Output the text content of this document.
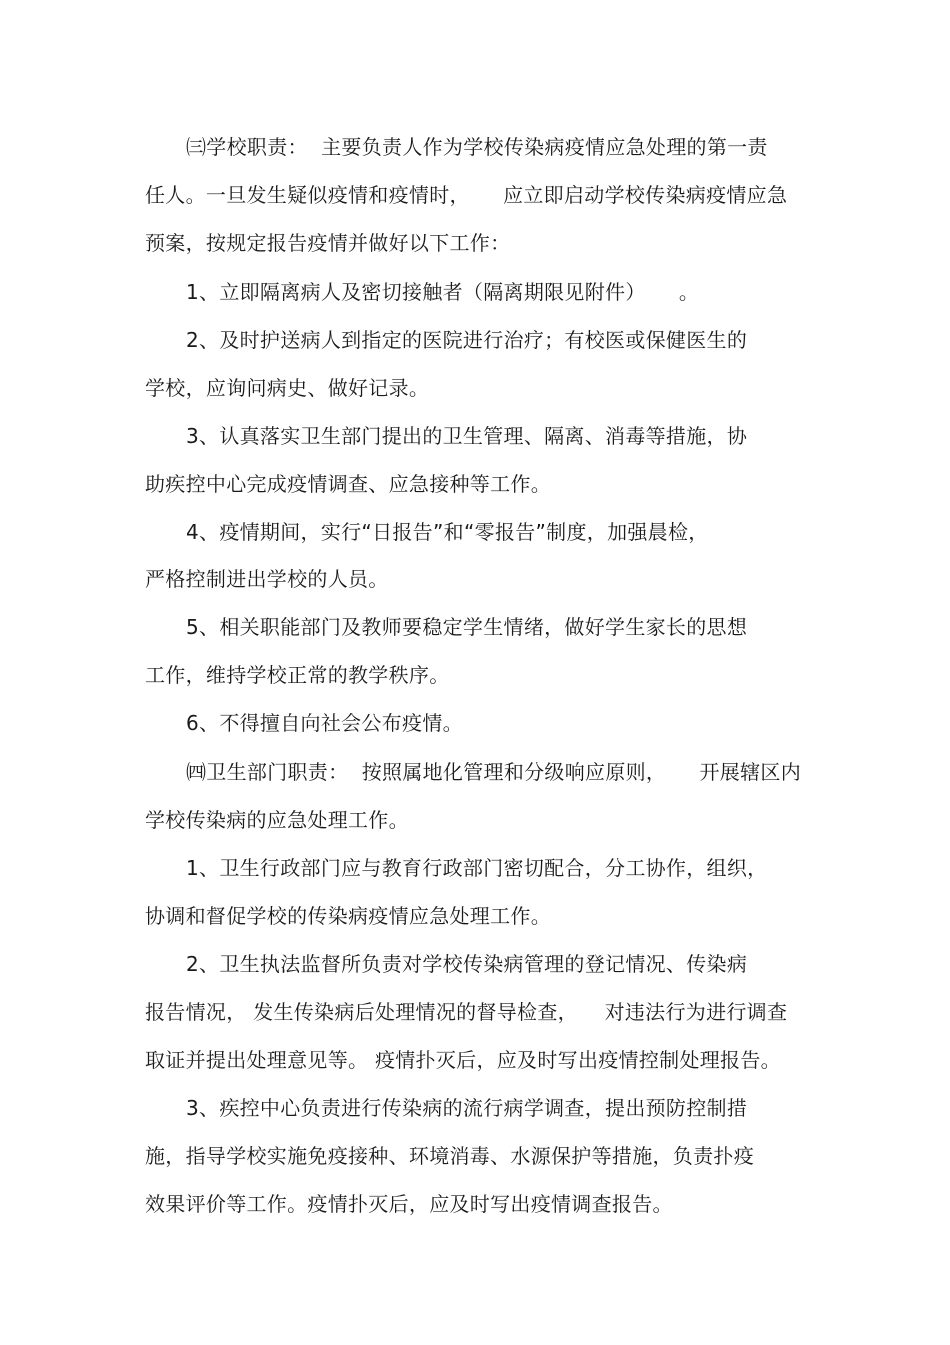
㈢学校职责：  主要负责人作为学校传染病疫情应急处理的第一责
任人。一旦发生疑似疫情和疫情时，     应立即启动学校传染病疫情应急
预案，按规定报告疫情并做好以下工作：
1、立即隔离病人及密切接触者（隔离期限见附件）     。
2、及时护送病人到指定的医院进行治疗；有校医或保健医生的
学校，应询问病史、做好记录。
3、认真落实卫生部门提出的卫生管理、隔离、消毒等措施，协
助疾控中心完成疫情调查、应急接种等工作。
4、疫情期间，实行“日报告”和“零报告”制度，加强晨检，
严格控制进出学校的人员。
5、相关职能部门及教师要稳定学生情绪，做好学生家长的思想
工作，维持学校正常的教学秩序。
6、不得擅自向社会公布疫情。
㈣卫生部门职责：  按照属地化管理和分级响应原则，     开展辖区内
学校传染病的应急处理工作。
1、卫生行政部门应与教育行政部门密切配合，分工协作，组织，
协调和督促学校的传染病疫情应急处理工作。
2、卫生执法监督所负责对学校传染病管理的登记情况、传染病
报告情况， 发生传染病后处理情况的督导检查，    对违法行为进行调查
取证并提出处理意见等。 疫情扑灭后，应及时写出疫情控制处理报告。
3、疾控中心负责进行传染病的流行病学调查，提出预防控制措
施，指导学校实施免疫接种、环境消毒、水源保护等措施，负责扑疫
效果评价等工作。疫情扑灭后，应及时写出疫情调查报告。
